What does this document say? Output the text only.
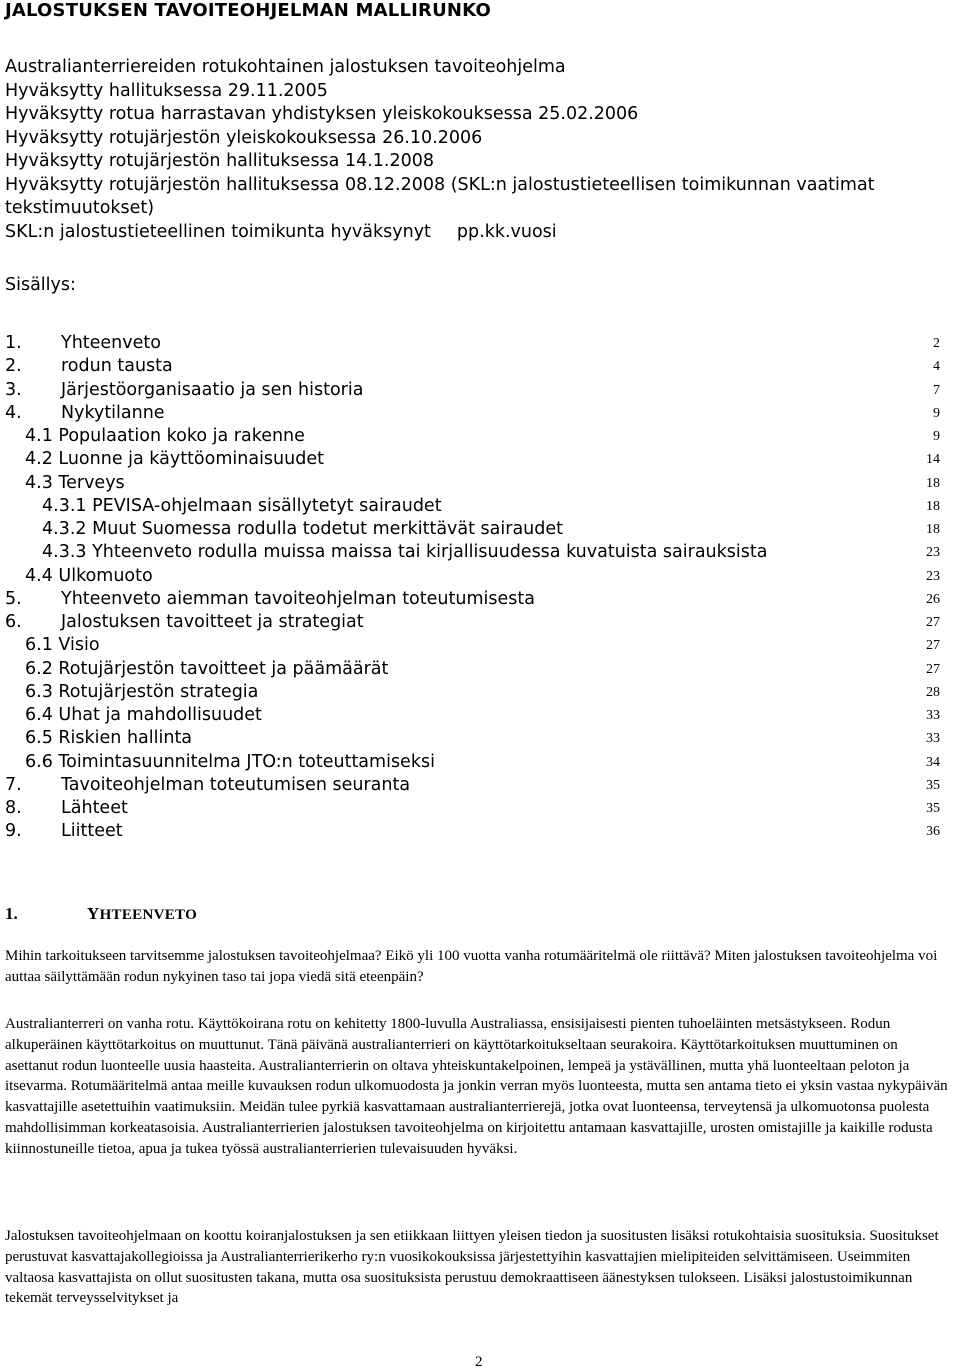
JALOSTUKSEN TAVOITEOHJELMAN MALLIRUNKO
Australianterriereiden rotukohtainen jalostuksen tavoiteohjelma
Hyväksytty hallituksessa 29.11.2005
Hyväksytty rotua harrastavan yhdistyksen yleiskokouksessa 25.02.2006
Hyväksytty rotujärjestön yleiskokouksessa 26.10.2006
Hyväksytty rotujärjestön hallituksessa 14.1.2008
Hyväksytty rotujärjestön hallituksessa 08.12.2008 (SKL:n jalostustieteellisen toimikunnan vaatimat
tekstimuutokset)
SKL:n jalostustieteellinen toimikunta hyväksynyt pp.kk.vuosi
Sisällys:
1. Yhteenveto	2
2. rodun tausta	4
3. Järjestöorganisaatio ja sen historia	7
4. Nykytilanne	9
4.1 Populaation koko ja rakenne	9
4.2 Luonne ja käyttöominaisuudet	14
4.3 Terveys	18
4.3.1 PEVISA-ohjelmaan sisällytetyt sairaudet	18
4.3.2 Muut Suomessa rodulla todetut merkittävät sairaudet	18
4.3.3 Yhteenveto rodulla muissa maissa tai kirjallisuudessa kuvatuista sairauksista	23
4.4 Ulkomuoto	23
5. Yhteenveto aiemman tavoiteohjelman toteutumisesta	26
6. Jalostuksen tavoitteet ja strategiat	27
6.1 Visio	27
6.2 Rotujärjestön tavoitteet ja päämäärät	27
6.3 Rotujärjestön strategia	28
6.4 Uhat ja mahdollisuudet	33
6.5 Riskien hallinta	33
6.6 Toimintasuunnitelma JTO:n toteuttamiseksi	34
7. Tavoiteohjelman toteutumisen seuranta	35
8. Lähteet	35
9. Liitteet	36
1.	YHTEENVETO
Mihin tarkoitukseen tarvitsemme jalostuksen tavoiteohjelmaa? Eikö yli 100 vuotta vanha rotumääritelmä ole riittävä? Miten jalostuksen tavoiteohjelma voi auttaa säilyttämään rodun nykyinen taso tai jopa viedä sitä eteenpäin?
Australianterreri on vanha rotu. Käyttökoirana rotu on kehitetty 1800-luvulla Australiassa, ensisijaisesti pienten tuhoeläinten metsästykseen. Rodun alkuperäinen käyttötarkoitus on muuttunut. Tänä päivänä australianterrieri on käyttötarkoitukseltaan seurakoira. Käyttötarkoituksen muuttuminen on asettanut rodun luonteelle uusia haasteita. Australianterrierin on oltava yhteiskuntakelpoinen, lempeä ja ystävällinen, mutta yhä luonteeltaan peloton ja itsevarma. Rotumääritelmä antaa meille kuvauksen rodun ulkomuodosta ja jonkin verran myös luonteesta, mutta sen antama tieto ei yksin vastaa nykypäivän kasvattajille asetettuihin vaatimuksiin. Meidän tulee pyrkiä kasvattamaan australianterrierejä, jotka ovat luonteensa, terveytensä ja ulkomuotonsa puolesta mahdollisimman korkeatasoisia. Australianterrierien jalostuksen tavoiteohjelma on kirjoitettu antamaan kasvattajille, urosten omistajille ja kaikille rodusta kiinnostuneille tietoa, apua ja tukea työssä australianterrierien tulevaisuuden hyväksi.
Jalostuksen tavoiteohjelmaan on koottu koiranjalostuksen ja sen etiikkaan liittyen yleisen tiedon ja suositusten lisäksi rotukohtaisia suosituksia. Suositukset perustuvat kasvattajakollegioissa ja Australianterrierikerho ry:n vuosikokouksissa järjestettyihin kasvattajien mielipiteiden selvittämiseen. Useimmiten valtaosa kasvattajista on ollut suositusten takana, mutta osa suosituksista perustuu demokraattiseen äänestyksen tulokseen. Lisäksi jalostustoimikunnan tekemät terveysselvitykset ja
2
